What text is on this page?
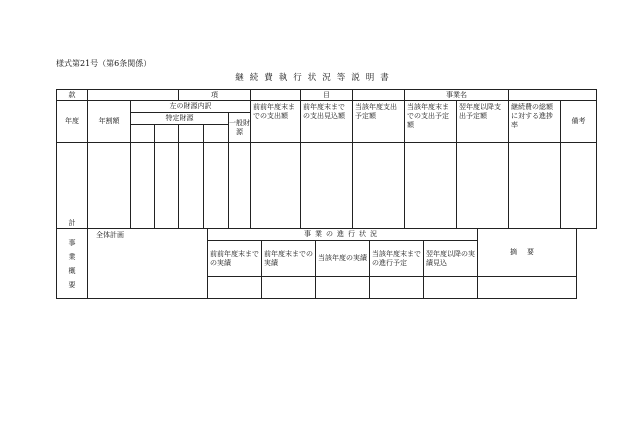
様式第21号（第6条関係）
継続費執行状況等説明書
款				項				目		事業名			
年度	年割額	左の財源内訳					前前年度末までの支出額	前年度末までの支出見込額	当該年度支出予定額	当該年度末までの支出予定額	翌年度以降支出予定額	継続費の総額に対する進捗率	備考
		特定財源				一般財源							

計													
事
業
概
要	全体計画	事業の進行状況					摘要
		前前年度末までの実績	前年度末までの実績	当該年度の実績	当該年度末までの進行予定	翌年度以降の実績見込	
